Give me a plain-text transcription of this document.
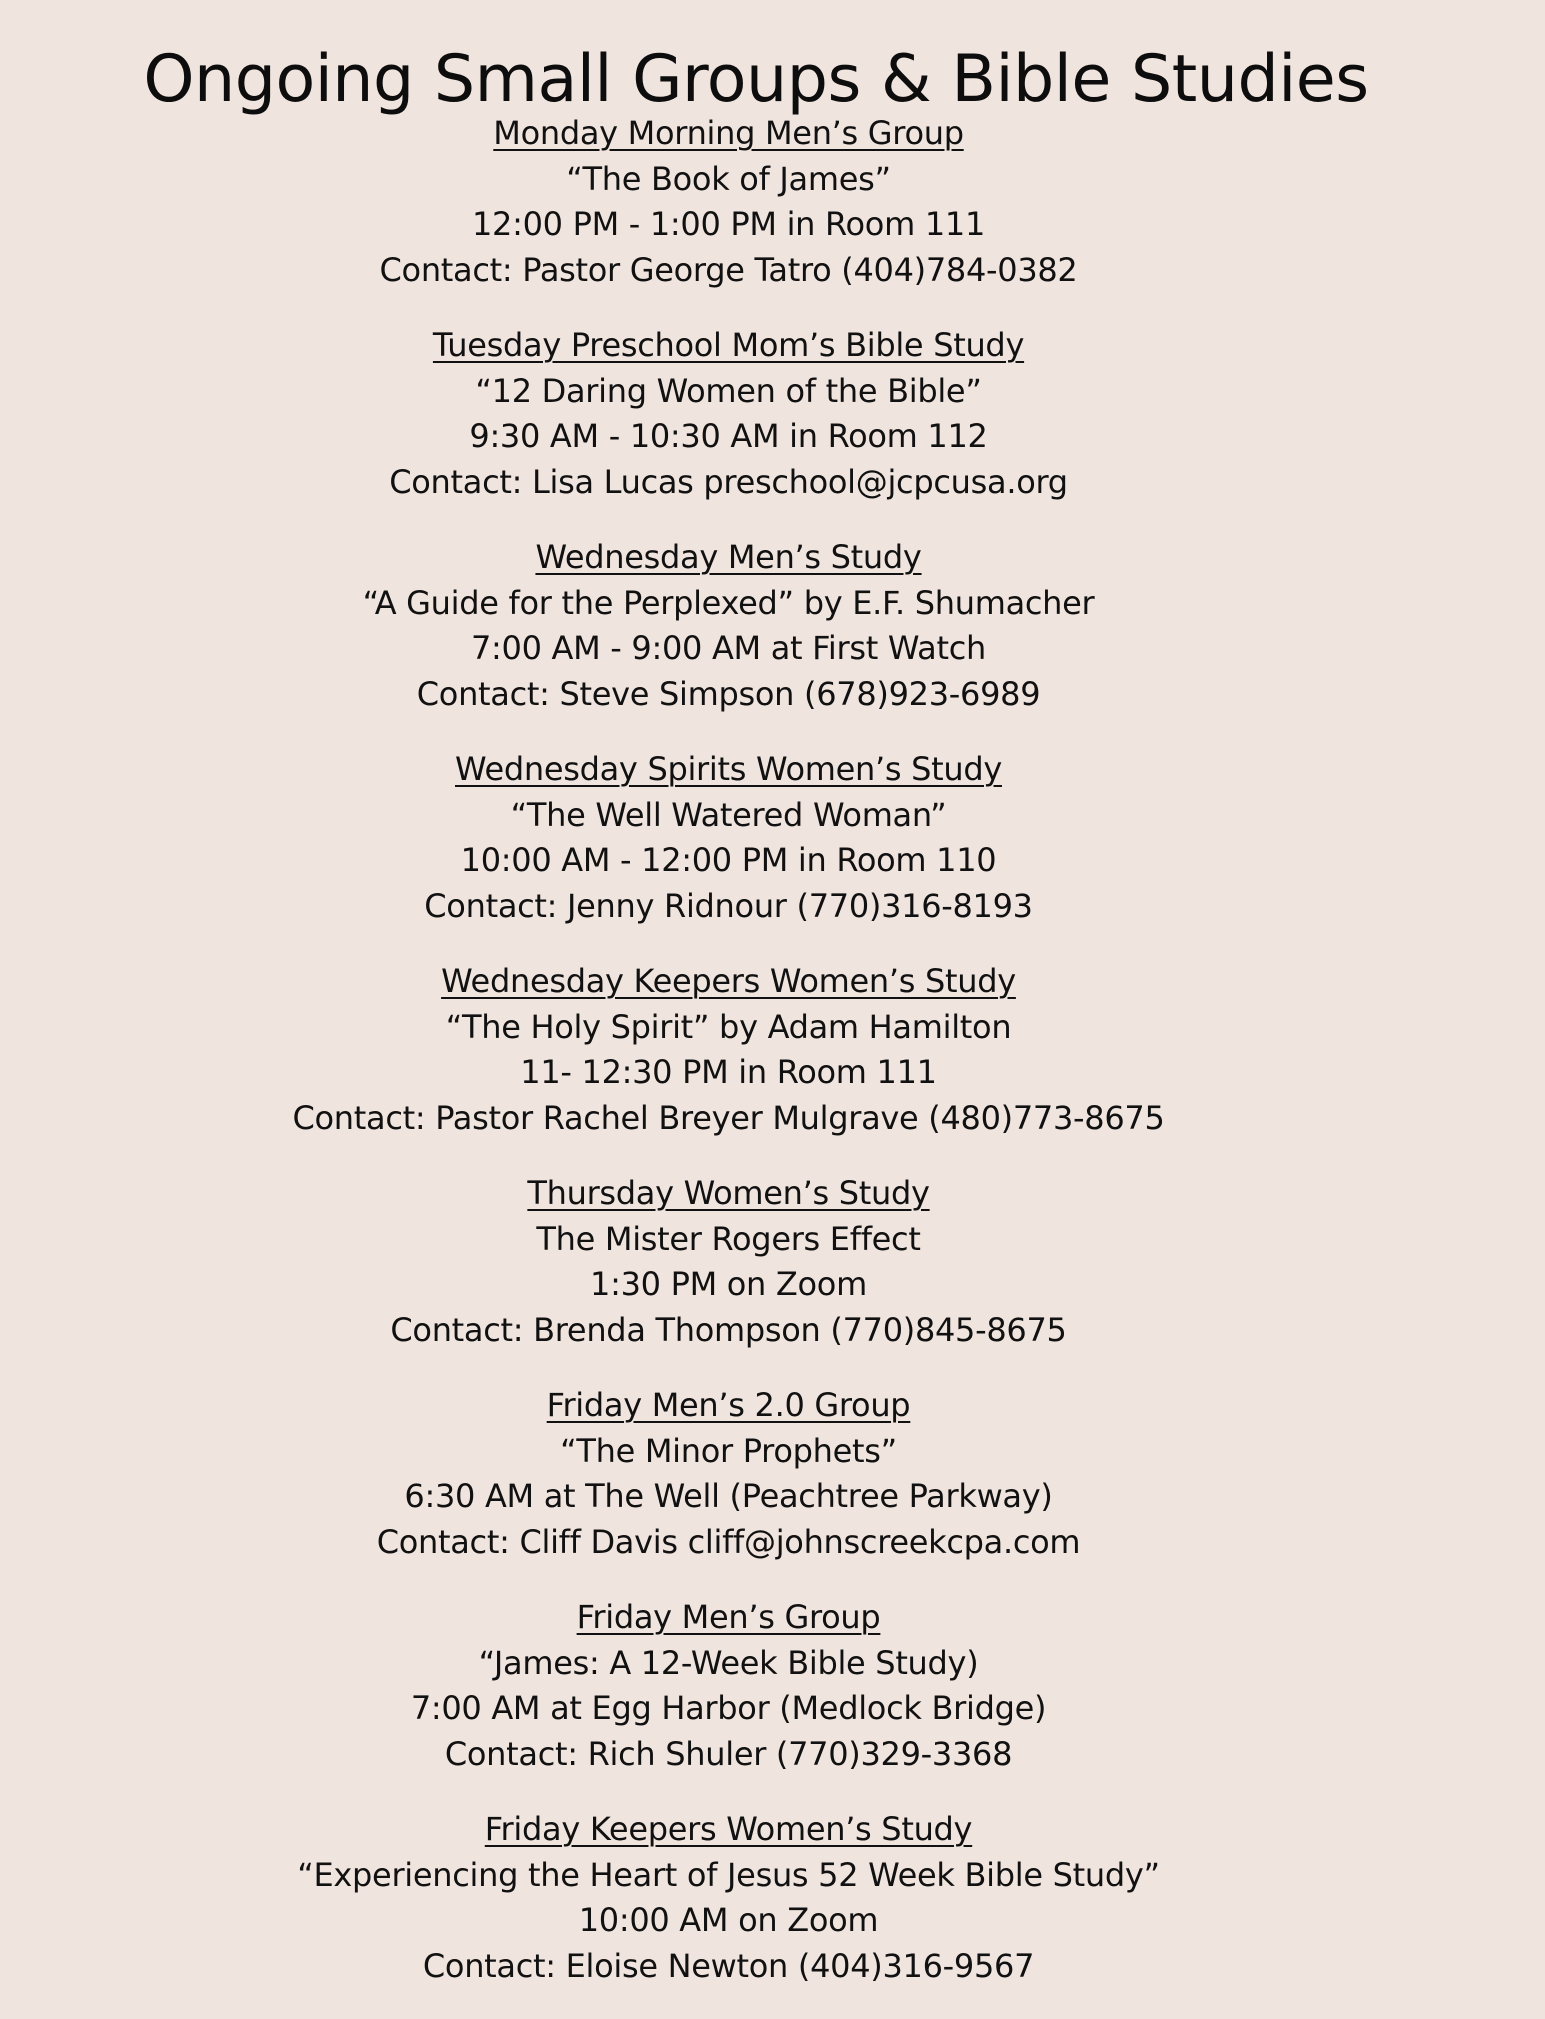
Ongoing Small Groups & Bible Studies
Monday Morning Men’s Group
“The Book of James”
12:00 PM - 1:00 PM in Room 111
Contact: Pastor George Tatro (404)784-0382
Tuesday Preschool Mom’s Bible Study
“12 Daring Women of the Bible”
9:30 AM - 10:30 AM in Room 112
Contact: Lisa Lucas preschool@jcpcusa.org
Wednesday Men’s Study
“A Guide for the Perplexed” by E.F. Shumacher
7:00 AM - 9:00 AM at First Watch
Contact: Steve Simpson (678)923-6989
Wednesday Spirits Women’s Study
“The Well Watered Woman”
10:00 AM - 12:00 PM in Room 110
Contact: Jenny Ridnour (770)316-8193
Wednesday Keepers Women’s Study
“The Holy Spirit” by Adam Hamilton
11- 12:30 PM in Room 111
Contact: Pastor Rachel Breyer Mulgrave (480)773-8675
Thursday Women’s Study
The Mister Rogers Effect
1:30 PM on Zoom
Contact: Brenda Thompson (770)845-8675
Friday Men’s 2.0 Group
“The Minor Prophets”
6:30 AM at The Well (Peachtree Parkway)
Contact: Cliff Davis cliff@johnscreekcpa.com
Friday Men’s Group
“James: A 12-Week Bible Study)
7:00 AM at Egg Harbor (Medlock Bridge)
Contact: Rich Shuler (770)329-3368
Friday Keepers Women’s Study
“Experiencing the Heart of Jesus 52 Week Bible Study”
10:00 AM on Zoom
Contact: Eloise Newton (404)316-9567
